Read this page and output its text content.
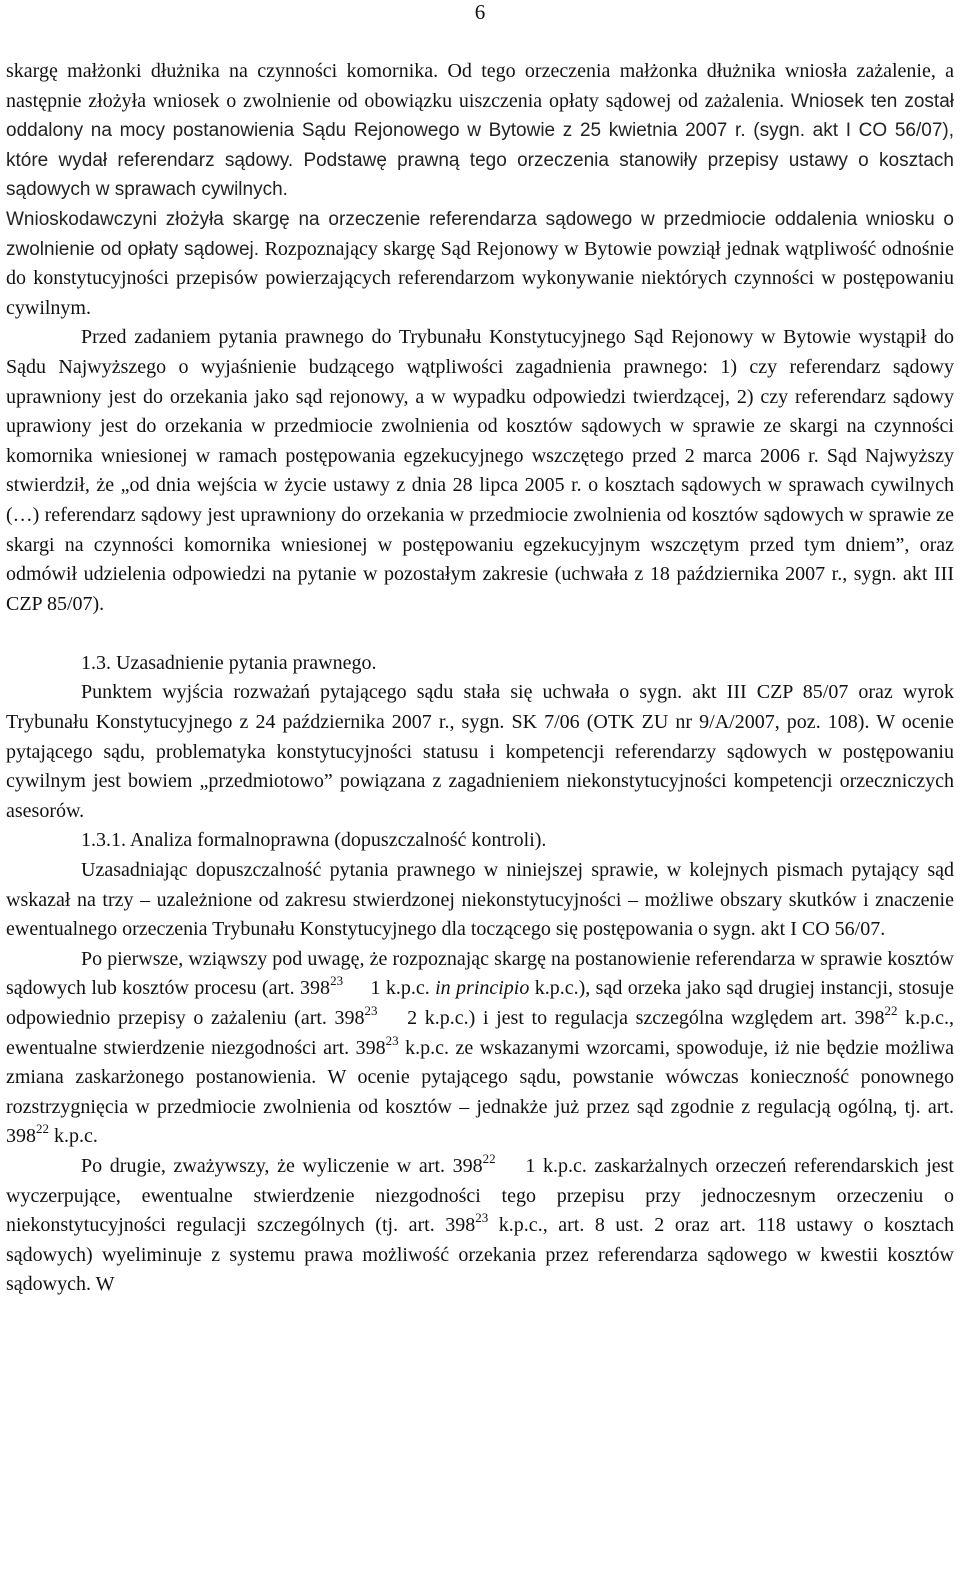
6

skargę małżonki dłużnika na czynności komornika. Od tego orzeczenia małżonka dłużnika wniosła zażalenie, a następnie złożyła wniosek o zwolnienie od obowiązku uiszczenia opłaty sądowej od zażalenia. Wniosek ten został oddalony na mocy postanowienia Sądu Rejonowego w Bytowie z 25 kwietnia 2007 r. (sygn. akt I CO 56/07), które wydał referendarz sądowy. Podstawę prawną tego orzeczenia stanowiły przepisy ustawy o kosztach sądowych w sprawach cywilnych.

Wnioskodawczyni złożyła skargę na orzeczenie referendarza sądowego w przedmiocie oddalenia wniosku o zwolnienie od opłaty sądowej. Rozpoznający skargę Sąd Rejonowy w Bytowie powziął jednak wątpliwość odnośnie do konstytucyjności przepisów powierzających referendarzom wykonywanie niektórych czynności w postępowaniu cywilnym.

Przed zadaniem pytania prawnego do Trybunału Konstytucyjnego Sąd Rejonowy w Bytowie wystąpił do Sądu Najwyższego o wyjaśnienie budzącego wątpliwości zagadnienia prawnego: 1) czy referendarz sądowy uprawniony jest do orzekania jako sąd rejonowy, a w wypadku odpowiedzi twierdzącej, 2) czy referendarz sądowy uprawiony jest do orzekania w przedmiocie zwolnienia od kosztów sądowych w sprawie ze skargi na czynności komornika wniesionej w ramach postępowania egzekucyjnego wszczętego przed 2 marca 2006 r. Sąd Najwyższy stwierdził, że „od dnia wejścia w życie ustawy z dnia 28 lipca 2005 r. o kosztach sądowych w sprawach cywilnych (…) referendarz sądowy jest uprawniony do orzekania w przedmiocie zwolnienia od kosztów sądowych w sprawie ze skargi na czynności komornika wniesionej w postępowaniu egzekucyjnym wszczętym przed tym dniem”, oraz odmówił udzielenia odpowiedzi na pytanie w pozostałym zakresie (uchwała z 18 października 2007 r., sygn. akt III CZP 85/07).

1.3. Uzasadnienie pytania prawnego.

Punktem wyjścia rozważań pytającego sądu stała się uchwała o sygn. akt III CZP 85/07 oraz wyrok Trybunału Konstytucyjnego z 24 października 2007 r., sygn. SK 7/06 (OTK ZU nr 9/A/2007, poz. 108). W ocenie pytającego sądu, problematyka konstytucyjności statusu i kompetencji referendarzy sądowych w postępowaniu cywilnym jest bowiem „przedmiotowo” powiązana z zagadnieniem niekonstytucyjności kompetencji orzeczniczych asesorów.

1.3.1. Analiza formalnoprawna (dopuszczalność kontroli).

Uzasadniając dopuszczalność pytania prawnego w niniejszej sprawie, w kolejnych pismach pytający sąd wskazał na trzy – uzależnione od zakresu stwierdzonej niekonstytucyjności – możliwe obszary skutków i znaczenie ewentualnego orzeczenia Trybunału Konstytucyjnego dla toczącego się postępowania o sygn. akt I CO 56/07.

Po pierwsze, wziąwszy pod uwagę, że rozpoznając skargę na postanowienie referendarza w sprawie kosztów sądowych lub kosztów procesu (art. $398^{23}$ 1 k.p.c. in principio k.p.c.), sąd orzeka jako sąd drugiej instancji, stosuje odpowiednio przepisy o zażaleniu (art. $398^{23}$ 2 k.p.c.) i jest to regulacja szczególna względem art. $398^{22}$ k.p.c., ewentualne stwierdzenie niezgodności art. $398^{23}$ k.p.c. ze wskazanymi wzorcami, spowoduje, iż nie będzie możliwa zmiana zaskarżonego postanowienia. W ocenie pytającego sądu, powstanie wówczas konieczność ponownego rozstrzygnięcia w przedmiocie zwolnienia od kosztów – jednakże już przez sąd zgodnie z regulacją ogólną, tj. art. $398^{22}$ k.p.c.

Po drugie, zważywszy, że wyliczenie w art. $398^{22}$ 1 k.p.c. zaskarżalnych orzeczeń referendarskich jest wyczerpujące, ewentualne stwierdzenie niezgodności tego przepisu przy jednoczesnym orzeczeniu o niekonstytucyjności regulacji szczególnych (tj. art. $398^{23}$ k.p.c., art. 8 ust. 2 oraz art. 118 ustawy o kosztach sądowych) wyeliminuje z systemu prawa możliwość orzekania przez referendarza sądowego w kwestii kosztów sądowych. W
